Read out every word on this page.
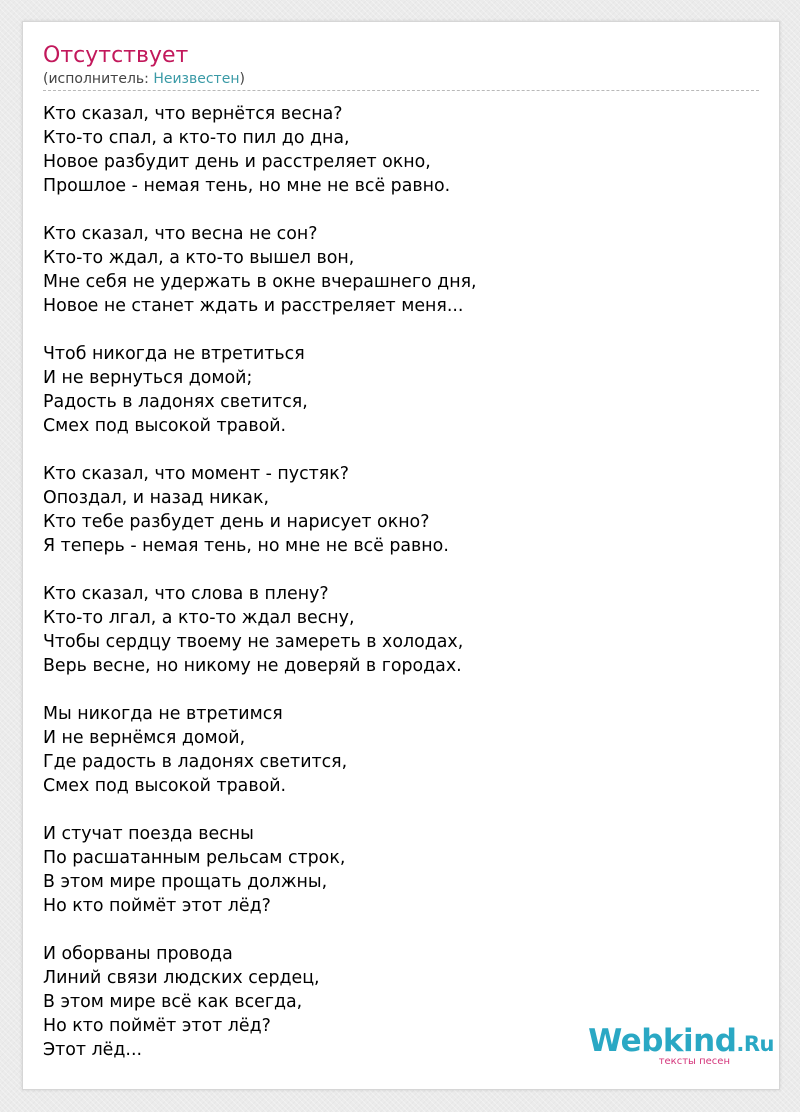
Отсутствует
(исполнитель: Неизвестен)
Кто сказал, что вернётся весна?
Кто-то спал, а кто-то пил до дна,
Новое разбудит день и расстреляет окно,
Прошлое - немая тень, но мне не всё равно.
Кто сказал, что весна не сон?
Кто-то ждал, а кто-то вышел вон,
Мне себя не удержать в окне вчерашнего дня,
Новое не станет ждать и расстреляет меня...
Чтоб никогда не втретиться
И не вернуться домой;
Радость в ладонях светится,
Смех под высокой травой.
Кто сказал, что момент - пустяк?
Опоздал, и назад никак,
Кто тебе разбудет день и нарисует окно?
Я теперь - немая тень, но мне не всё равно.
Кто сказал, что слова в плену?
Кто-то лгал, а кто-то ждал весну,
Чтобы сердцу твоему не замереть в холодах,
Верь весне, но никому не доверяй в городах.
Мы никогда не втретимся
И не вернёмся домой,
Где радость в ладонях светится,
Смех под высокой травой.
И стучат поезда весны
По расшатанным рельсам строк,
В этом мире прощать должны,
Но кто поймёт этот лёд?
И оборваны провода
Линий связи людских сердец,
В этом мире всё как всегда,
Но кто поймёт этот лёд?
Этот лёд...	Webkind.Ru
тексты песен
